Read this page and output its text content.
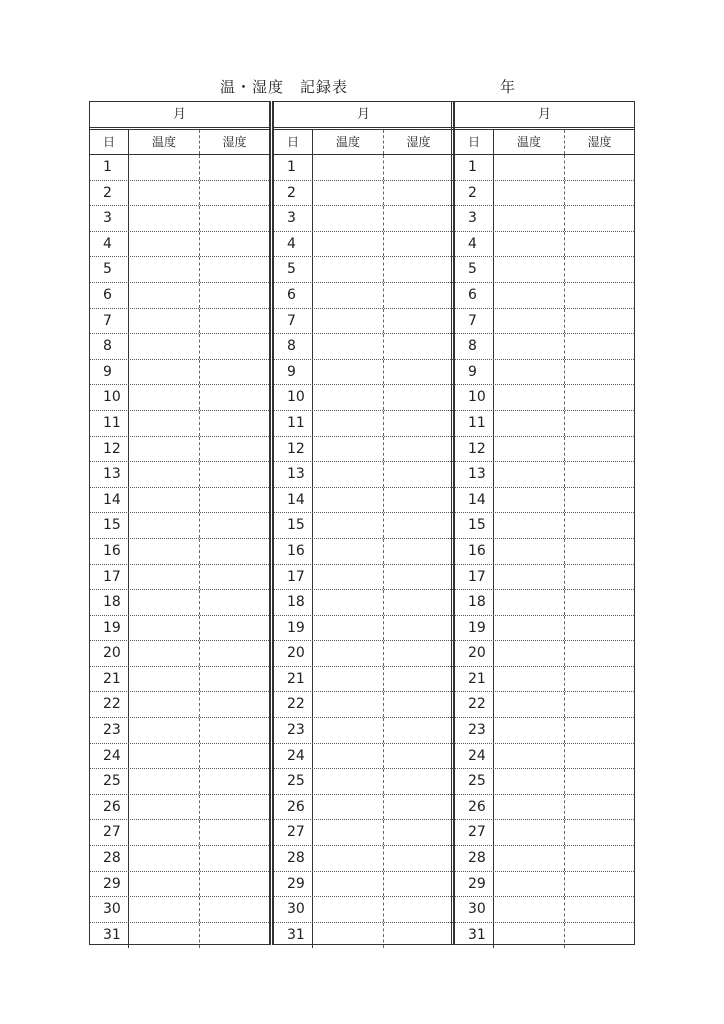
温・湿度　記録表	年
月
日	温度	湿度
1
2
3
4
5
6
7
8
9
10
11
12
13
14
15
16
17
18
19
20
21
22
23
24
25
26
27
28
29
30
31
月
日	温度	湿度
1
2
3
4
5
6
7
8
9
10
11
12
13
14
15
16
17
18
19
20
21
22
23
24
25
26
27
28
29
30
31
月
日	温度	湿度
1
2
3
4
5
6
7
8
9
10
11
12
13
14
15
16
17
18
19
20
21
22
23
24
25
26
27
28
29
30
31
